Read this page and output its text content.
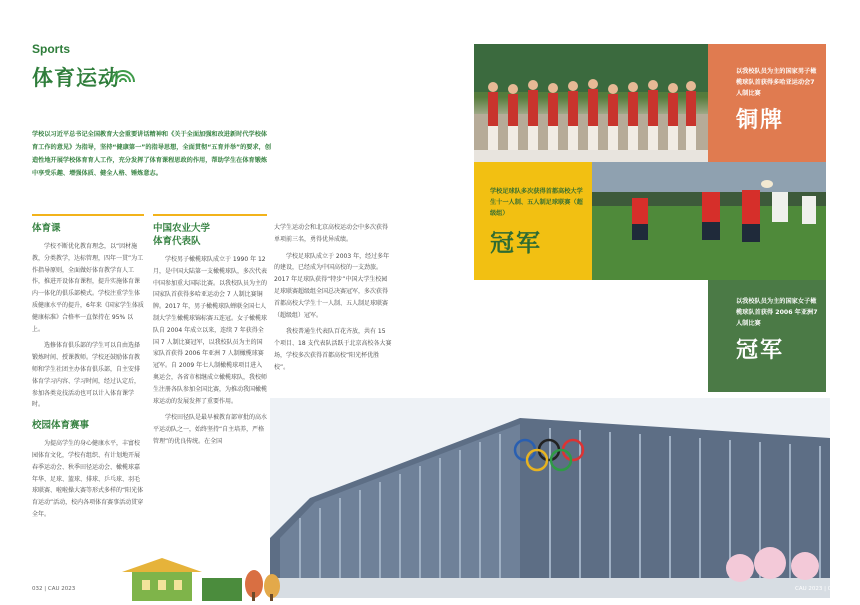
Sports
体育运动
学校以习近平总书记全国教育大会重要讲话精神和《关于全面加强和改进新时代学校体育工作的意见》为指导，坚持“健康第一”的指导思想，全面贯彻“五育并举”的要求，创造性地开展学校体育育人工作，充分发挥了体育课程思政的作用，帮助学生在体育锻炼中享受乐趣、增强体质、健全人格、锤炼意志。
体育课

学校不断优化教育理念，以“因材施教，分类教学，达标管理，四年一贯”为工作指导原则，全面做好体育教学育人工作，推进开设体育课程，提升实施体育课内一体化的俱乐部模式。学校注重学生体质健康水平的提升，6年来《国家学生体质健康标准》合格率一直保持在 95% 以上。

选修体育俱乐部的学生可以自由选择锻炼时间、授课教师。学校还鼓励体育教师和学生社团主办体育俱乐部，自主安排体育学习内容、学习时间，经过认定后，参加各类竞技活动也可以计入体育课学时。

校园体育赛事

为提高学生的身心健康水平，丰富校园体育文化，学校有组织、有计划地开展春季运动会、秋季田径运动会、橄榄球嘉年华、足球、篮球、排球、乒乓球、羽毛球联赛、啦啦操大赛等形式多样的“阳光体育运动”活动，校内各项体育赛事活动贯穿全年。

中国农业大学
体育代表队

学校男子橄榄球队成立于 1990 年 12 月，是中国大陆第一支橄榄球队，多次代表中国参加重大国际比赛。以我校队员为主的国家队首获得多哈亚运动会 7 人制比赛铜牌。2017 年，男子橄榄球队蝉联全国七人制大学生橄榄球锦标赛五连冠。女子橄榄球队自 2004 年成立以来，连续 7 年获得全国 7 人制比赛冠军，以我校队员为主的国家队首获得 2006 年亚洲 7 人制橄榄球赛冠军。自 2009 年七人制橄榄球项目进入奥运会，各省市相继成立橄榄球队，我校师生注册各队参加全国比赛，为推动我国橄榄球运动的发展发挥了重要作用。

学校田径队是最早被教育部审批的高水平运动队之一，始终坚持“自主培养，严格管理”的优良传统。在全国

大学生运动会和北京高校运动会中多次获得单项前三名，勇得优异成绩。

学校足球队成立于 2003 年，经过多年的建设，已经成为中国高校的一支劲旅。2017 年足球队获得“特步”中国大学生校园足球联赛超级组全国总决赛冠军，多次获得首都高校大学生十一人制、五人制足球联赛（超级组）冠军。

我校普通生代表队百花齐放，共有 15 个项目、18 支代表队活跃于北京高校各大赛场，学校多次获得首都高校“阳光杯优胜校”。

以我校队员为主的国家男子橄榄球队首获得多哈亚运动会7 人制比赛
铜牌
学校足球队多次获得首都高校大学生十一人制、五人制足球联赛（超级组）
冠军
以我校队员为主的国家女子橄榄球队首获得 2006 年亚洲7 人制比赛
冠军
032 | CAU 2023	CAU 2023 | 033
